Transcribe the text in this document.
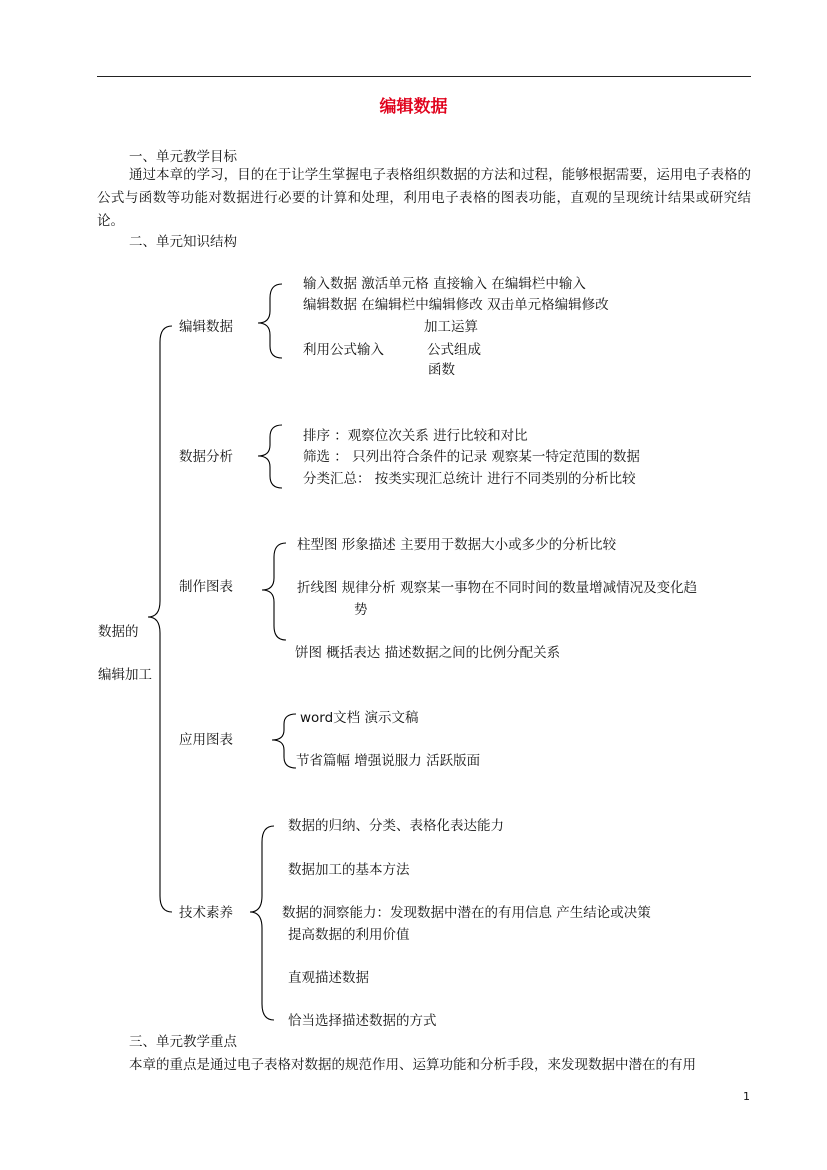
编辑数据
一、单元教学目标
通过本章的学习，目的在于让学生掌握电子表格组织数据的方法和过程，能够根据需要，运用电子表格的公式与函数等功能对数据进行必要的计算和处理，利用电子表格的图表功能，直观的呈现统计结果或研究结论。
二、单元知识结构
数据的
编辑加工
编辑数据
输入数据 激活单元格 直接输入 在编辑栏中输入
编辑数据 在编辑栏中编辑修改 双击单元格编辑修改
加工运算
利用公式输入	公式组成
函数
数据分析
排序 ：观察位次关系 进行比较和对比
筛选 ： 只列出符合条件的记录 观察某一特定范围的数据
分类汇总： 按类实现汇总统计 进行不同类别的分析比较
制作图表
柱型图 形象描述 主要用于数据大小或多少的分析比较
折线图 规律分析 观察某一事物在不同时间的数量增减情况及变化趋
势
饼图 概括表达 描述数据之间的比例分配关系
应用图表
word文档 演示文稿
节省篇幅 增强说服力 活跃版面
技术素养
数据的归纳、分类、表格化表达能力
数据加工的基本方法
数据的洞察能力：发现数据中潜在的有用信息 产生结论或决策
提高数据的利用价值
直观描述数据
恰当选择描述数据的方式
三、单元教学重点
本章的重点是通过电子表格对数据的规范作用、运算功能和分析手段，来发现数据中潜在的有用
1
